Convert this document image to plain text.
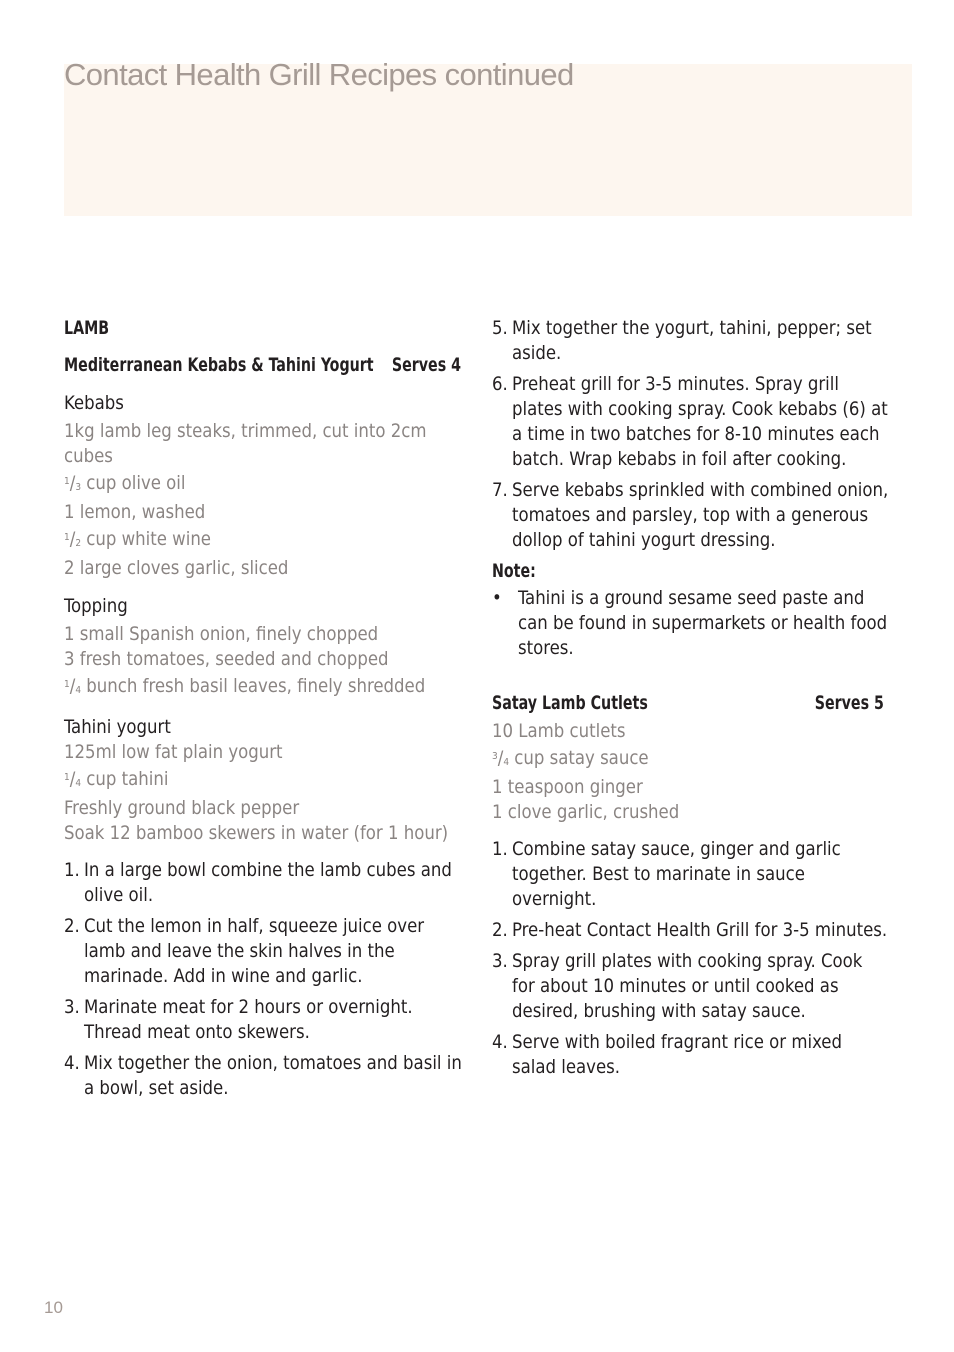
Contact Health Grill Recipes continued
LAMB
Mediterranean Kebabs & Tahini Yogurt Serves 4
Kebabs
1kg lamb leg steaks, trimmed, cut into 2cm cubes
$^1$/3 cup olive oil
1 lemon, washed
$^1$/2 cup white wine
2 large cloves garlic, sliced
Topping
1 small Spanish onion, finely chopped
3 fresh tomatoes, seeded and chopped
$^1$/4 bunch fresh basil leaves, finely shredded
Tahini yogurt
125ml low fat plain yogurt
$^1$/4 cup tahini
Freshly ground black pepper
Soak 12 bamboo skewers in water (for 1 hour)
1. In a large bowl combine the lamb cubes and olive oil.
2. Cut the lemon in half, squeeze juice over lamb and leave the skin halves in the marinade. Add in wine and garlic.
3. Marinate meat for 2 hours or overnight. Thread meat onto skewers.
4. Mix together the onion, tomatoes and basil in a bowl, set aside.
5. Mix together the yogurt, tahini, pepper; set aside.
6. Preheat grill for 3-5 minutes. Spray grill plates with cooking spray. Cook kebabs (6) at a time in two batches for 8-10 minutes each batch. Wrap kebabs in foil after cooking.
7. Serve kebabs sprinkled with combined onion, tomatoes and parsley, top with a generous dollop of tahini yogurt dressing.
Note:
• Tahini is a ground sesame seed paste and can be found in supermarkets or health food stores.
Satay Lamb Cutlets	Serves 5
10 Lamb cutlets
$^3$/4 cup satay sauce
1 teaspoon ginger
1 clove garlic, crushed
1. Combine satay sauce, ginger and garlic together. Best to marinate in sauce overnight.
2. Pre-heat Contact Health Grill for 3-5 minutes.
3. Spray grill plates with cooking spray. Cook for about 10 minutes or until cooked as desired, brushing with satay sauce.
4. Serve with boiled fragrant rice or mixed salad leaves.
10
